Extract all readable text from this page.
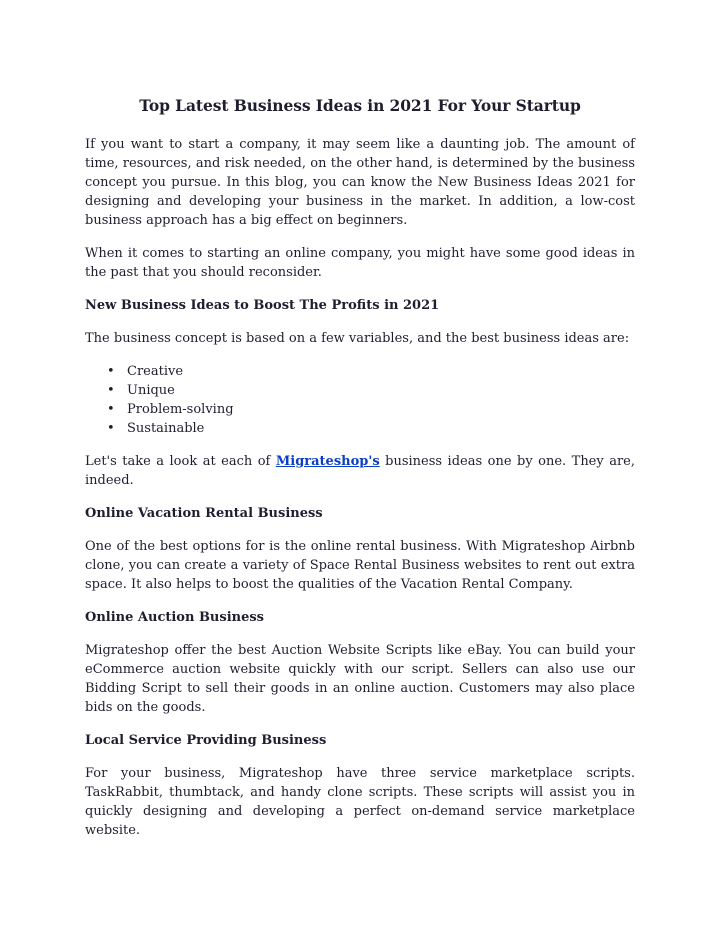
Top Latest Business Ideas in 2021 For Your Startup

If you want to start a company, it may seem like a daunting job. The amount of time, resources, and risk needed, on the other hand, is determined by the business concept you pursue. In this blog, you can know the New Business Ideas 2021 for designing and developing your business in the market. In addition, a low-cost business approach has a big effect on beginners.

When it comes to starting an online company, you might have some good ideas in the past that you should reconsider.

New Business Ideas to Boost The Profits in 2021

The business concept is based on a few variables, and the best business ideas are:

• Creative
• Unique
• Problem-solving
• Sustainable

Let's take a look at each of Migrateshop's business ideas one by one. They are, indeed.

Online Vacation Rental Business

One of the best options for is the online rental business. With Migrateshop Airbnb clone, you can create a variety of Space Rental Business websites to rent out extra space. It also helps to boost the qualities of the Vacation Rental Company.

Online Auction Business

Migrateshop offer the best Auction Website Scripts like eBay. You can build your eCommerce auction website quickly with our script. Sellers can also use our Bidding Script to sell their goods in an online auction. Customers may also place bids on the goods.

Local Service Providing Business

For your business, Migrateshop have three service marketplace scripts. TaskRabbit, thumbtack, and handy clone scripts. These scripts will assist you in quickly designing and developing a perfect on-demand service marketplace website.
